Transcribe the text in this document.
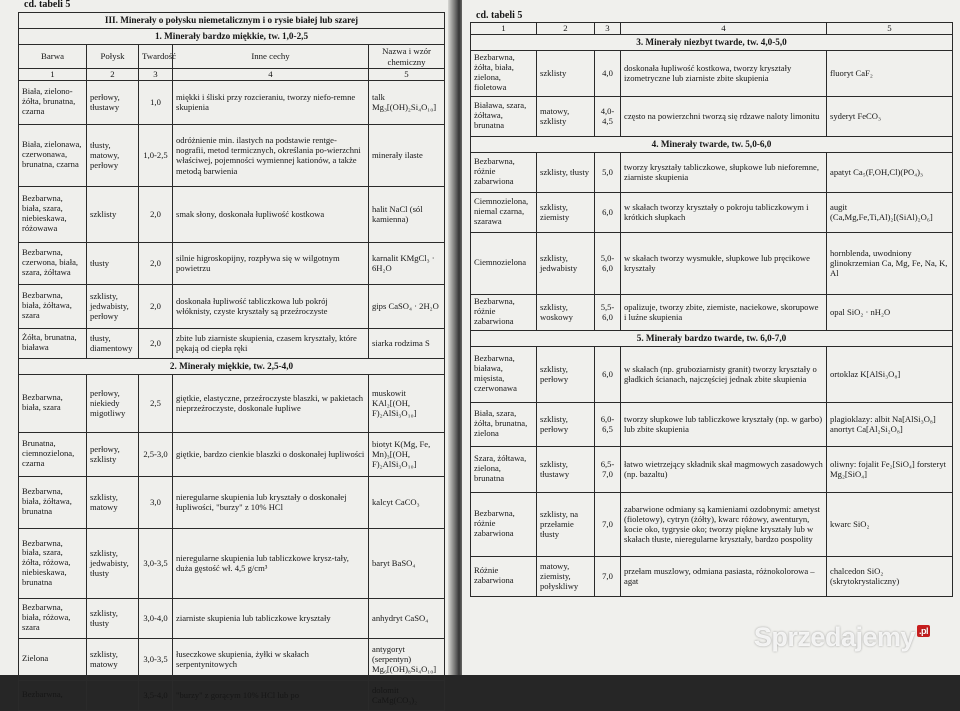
cd. tabeli 5
III. Minerały o połysku niemetalicznym i o rysie białej lub szarej				
1. Minerały bardzo miękkie, tw. 1,0-2,5				
Barwa	Połysk	Twardość	Inne cechy	Nazwa i wzór chemiczny
1	2	3	4	5
Biała, zielono-żółta, brunatna, czarna	perłowy, tłustawy	1,0	miękki i śliski przy rozcieraniu, tworzy niefo-remne skupienia	talk Mg₃[(OH)₂Si₄O₁₀]
Biała, zielonawa, czerwonawa, brunatna, czarna	tłusty, matowy, perłowy	1,0-2,5	odróżnienie min. ilastych na podstawie rentge-nografii, metod termicznych, określania po-wierzchni właściwej, pojemności wymiennej kationów, a także metodą barwienia	minerały ilaste
Bezbarwna, biała, szara, niebieskawa, różowawa	szklisty	2,0	smak słony, doskonała łupliwość kostkowa	halit NaCl (sól kamienna)
Bezbarwna, czerwona, biała, szara, żółtawa	tłusty	2,0	silnie higroskopijny, rozpływa się w wilgotnym powietrzu	karnalit KMgCl₃ · 6H₂O
Bezbarwna, biała, żółtawa, szara	szklisty, jedwabisty, perłowy	2,0	doskonała łupliwość tabliczkowa lub pokrój włóknisty, czyste kryształy są przeźroczyste	gips CaSO₄ · 2H₂O
Żółta, brunatna, biaława	tłusty, diamentowy	2,0	zbite lub ziarniste skupienia, czasem kryształy, które pękają od ciepła ręki	siarka rodzima S
2. Minerały miękkie, tw. 2,5-4,0				
Bezbarwna, biała, szara	perłowy, niekiedy migotliwy	2,5	giętkie, elastyczne, przeźroczyste blaszki, w pakietach nieprzeźroczyste, doskonale łupliwe	muskowit KAl₂[(OH, F)₂AlSi₃O₁₀]
Brunatna, ciemnozielona, czarna	perłowy, szklisty	2,5-3,0	giętkie, bardzo cienkie blaszki o doskonałej łupliwości	biotyt K(Mg, Fe, Mn)₃[(OH, F)₂AlSi₃O₁₀]
Bezbarwna, biała, żółtawa, brunatna	szklisty, matowy	3,0	nieregularne skupienia lub kryształy o doskonałej łupliwości, "burzy" z 10% HCl	kalcyt CaCO₃
Bezbarwna, biała, szara, żółta, różowa, niebieskawa, brunatna	szklisty, jedwabisty, tłusty	3,0-3,5	nieregularne skupienia lub tabliczkowe krysz-tały, duża gęstość wł. 4,5 g/cm³	baryt BaSO₄
Bezbarwna, biała, różowa, szara	szklisty, tłusty	3,0-4,0	ziarniste skupienia lub tabliczkowe kryształy	anhydryt CaSO₄
Zielona	szklisty, matowy	3,0-3,5	łuseczkowe skupienia, żyłki w skałach serpentynitowych	antygoryt (serpentyn) Mg₆[(OH)₈Si₄O₁₀]
Bezbarwna,		3,5-4,0	"burzy" z gorącym 10% HCl lub po	dolomit CaMg(CO₃)₂
cd. tabeli 5
1	2	3	4	5
3. Minerały niezbyt twarde, tw. 4,0-5,0				
Bezbarwna, żółta, biała, zielona, fioletowa	szklisty	4,0	doskonała łupliwość kostkowa, tworzy kryształy izometryczne lub ziarniste zbite skupienia	fluoryt CaF₂
Biaława, szara, żółtawa, brunatna	matowy, szklisty	4,0-4,5	często na powierzchni tworzą się rdzawe naloty limonitu	syderyt FeCO₃
4. Minerały twarde, tw. 5,0-6,0				
Bezbarwna, różnie zabarwiona	szklisty, tłusty	5,0	tworzy kryształy tabliczkowe, słupkowe lub nieforemne, ziarniste skupienia	apatyt Ca₅(F,OH,Cl)(PO₄)₃
Ciemnozielona, niemal czarna, szarawa	szklisty, ziemisty	6,0	w skałach tworzy kryształy o pokroju tabliczkowym i krótkich słupkach	augit (Ca,Mg,Fe,Ti,Al)₂[(SiAl)₂O₆]
Ciemnozielona	szklisty, jedwabisty	5,0-6,0	w skałach tworzy wysmukłe, słupkowe lub pręcikowe kryształy	hornblenda, uwodniony glinokrzemian Ca, Mg, Fe, Na, K, Al
Bezbarwna, różnie zabarwiona	szklisty, woskowy	5,5-6,0	opalizuje, tworzy zbite, ziemiste, naciekowe, skorupowe i luźne skupienia	opal SiO₂ · nH₂O
5. Minerały bardzo twarde, tw. 6,0-7,0				
Bezbarwna, biaława, mięsista, czerwonawa	szklisty, perłowy	6,0	w skałach (np. gruboziarnisty granit) tworzy kryształy o gładkich ścianach, najczęściej jednak zbite skupienia	ortoklaz K[AlSi₃O₈]
Biała, szara, żółta, brunatna, zielona	szklisty, perłowy	6,0-6,5	tworzy słupkowe lub tabliczkowe kryształy (np. w garbo) lub zbite skupienia	plagioklazy: albit Na[AlSi₃O₈] anortyt Ca[Al₂Si₂O₈]
Szara, żółtawa, zielona, brunatna	szklisty, tłustawy	6,5-7,0	łatwo wietrzejący składnik skał magmowych zasadowych (np. bazaltu)	oliwny: fojalit Fe₂[SiO₄] forsteryt Mg₂[SiO₄]
Bezbarwna, różnie zabarwiona	szklisty, na przełamie tłusty	7,0	zabarwione odmiany są kamieniami ozdobnymi: ametyst (fioletowy), cytryn (żółty), kwarc różowy, awenturyn, kocie oko, tygrysie oko; tworzy piękne kryształy lub w skałach tłuste, nieregularne kryształy, bardzo pospolity	kwarc SiO₂
Różnie zabarwiona	matowy, ziemisty, połyskliwy	7,0	przełam muszlowy, odmiana pasiasta, różnokolorowa – agat	chalcedon SiO₂ (skrytokrystaliczny)
Sprzedajemy $^{.pl}$
